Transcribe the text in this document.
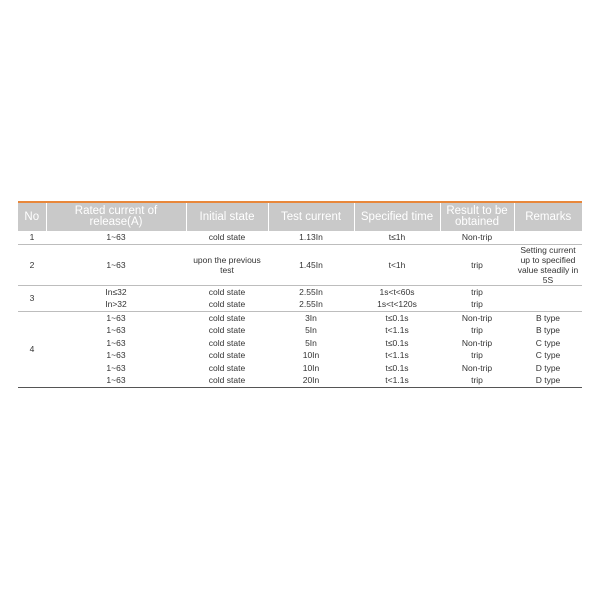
No	Rated current of release(A)	Initial state	Test current	Specified time	Result to be obtained	Remarks
1	1~63	cold state	1.13In	t≤1h	Non-trip	
2	1~63	upon the previous test	1.45In	t<1h	trip	Setting current up to specified value steadily in 5S
3	In≤32	cold state	2.55In	1s<t<60s	trip	
	In>32	cold state	2.55In	1s<t<120s	trip	
4	1~63	cold state	3In	t≤0.1s	Non-trip	B type
	1~63	cold state	5In	t<1.1s	trip	B type
	1~63	cold state	5In	t≤0.1s	Non-trip	C type
	1~63	cold state	10In	t<1.1s	trip	C type
	1~63	cold state	10In	t≤0.1s	Non-trip	D type
	1~63	cold state	20In	t<1.1s	trip	D type
